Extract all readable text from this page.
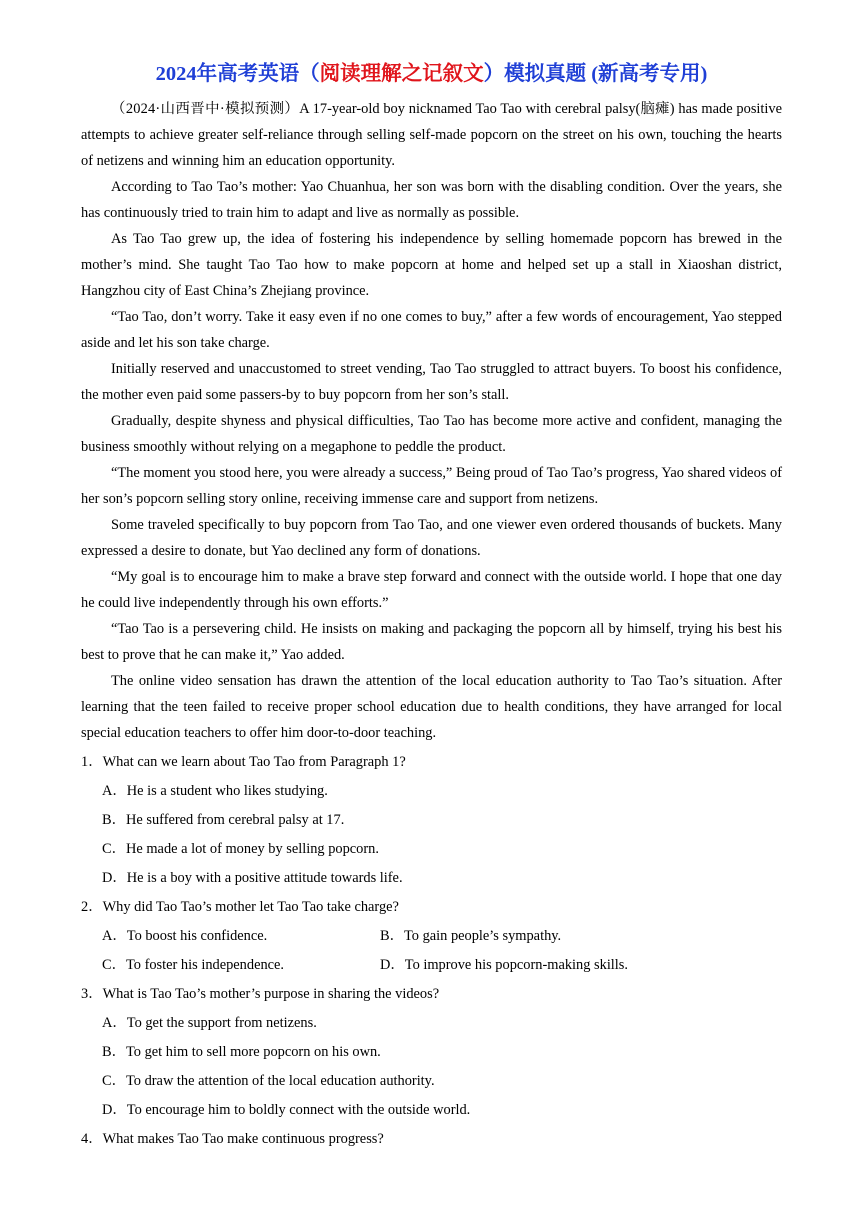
2024年高考英语（阅读理解之记叙文）模拟真题 (新高考专用)

（2024·山西晋中·模拟预测）A 17-year-old boy nicknamed Tao Tao with cerebral palsy(脑瘫) has made positive attempts to achieve greater self-reliance through selling self-made popcorn on the street on his own, touching the hearts of netizens and winning him an education opportunity.

According to Tao Tao’s mother: Yao Chuanhua, her son was born with the disabling condition. Over the years, she has continuously tried to train him to adapt and live as normally as possible.

As Tao Tao grew up, the idea of fostering his independence by selling homemade popcorn has brewed in the mother’s mind. She taught Tao Tao how to make popcorn at home and helped set up a stall in Xiaoshan district, Hangzhou city of East China’s Zhejiang province.

“Tao Tao, don’t worry. Take it easy even if no one comes to buy,” after a few words of encouragement, Yao stepped aside and let his son take charge.

Initially reserved and unaccustomed to street vending, Tao Tao struggled to attract buyers. To boost his confidence, the mother even paid some passers-by to buy popcorn from her son’s stall.

Gradually, despite shyness and physical difficulties, Tao Tao has become more active and confident, managing the business smoothly without relying on a megaphone to peddle the product.

“The moment you stood here, you were already a success,” Being proud of Tao Tao’s progress, Yao shared videos of her son’s popcorn selling story online, receiving immense care and support from netizens.

Some traveled specifically to buy popcorn from Tao Tao, and one viewer even ordered thousands of buckets. Many expressed a desire to donate, but Yao declined any form of donations.

“My goal is to encourage him to make a brave step forward and connect with the outside world. I hope that one day he could live independently through his own efforts.”

“Tao Tao is a persevering child. He insists on making and packaging the popcorn all by himself, trying his best his best to prove that he can make it,” Yao added.

The online video sensation has drawn the attention of the local education authority to Tao Tao’s situation. After learning that the teen failed to receive proper school education due to health conditions, they have arranged for local special education teachers to offer him door-to-door teaching.

1．What can we learn about Tao Tao from Paragraph 1?
A．He is a student who likes studying.
B．He suffered from cerebral palsy at 17.
C．He made a lot of money by selling popcorn.
D．He is a boy with a positive attitude towards life.
2．Why did Tao Tao’s mother let Tao Tao take charge?
A．To boost his confidence.	B．To gain people’s sympathy.
C．To foster his independence.	D．To improve his popcorn-making skills.
3．What is Tao Tao’s mother’s purpose in sharing the videos?
A．To get the support from netizens.
B．To get him to sell more popcorn on his own.
C．To draw the attention of the local education authority.
D．To encourage him to boldly connect with the outside world.
4．What makes Tao Tao make continuous progress?
